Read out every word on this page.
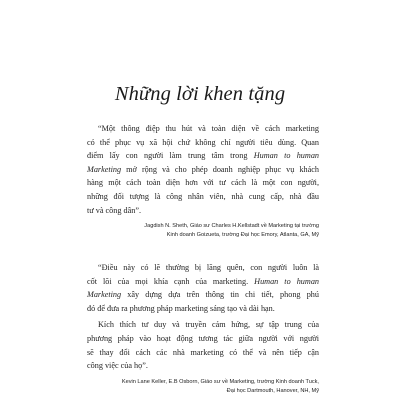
Những lời khen tặng
“Một thông điệp thu hút và toàn diện về cách marketing
có thể phục vụ xã hội chứ không chỉ người tiêu dùng. Quan
điểm lấy con người làm trung tâm trong Human to human
Marketing mở rộng và cho phép doanh nghiệp phục vụ khách
hàng một cách toàn diện hơn với tư cách là một con người,
những đối tượng là công nhân viên, nhà cung cấp, nhà đầu
tư và công dân”.
Jagdish N. Sheth, Giáo sư Charles H.Kellstadt về Marketing tại trường
Kinh doanh Goizueta, trường Đại học Emory, Atlanta, GA, Mỹ
“Điều này có lẽ thường bị lãng quên, con người luôn là
cốt lõi của mọi khía cạnh của marketing. Human to human
Marketing xây dựng dựa trên thông tin chi tiết, phong phú
đó để đưa ra phương pháp marketing sáng tạo và dài hạn.
Kích thích tư duy và truyền cảm hứng, sự tập trung của
phương pháp vào hoạt động tương tác giữa người với người
sẽ thay đổi cách các nhà marketing có thể và nên tiếp cận
công việc của họ”.
Kevin Lane Keller, E.B Osborn, Giáo sư về Marketing, trường Kinh doanh Tuck,
Đại học Dartmouth, Hanover, NH, Mỹ
